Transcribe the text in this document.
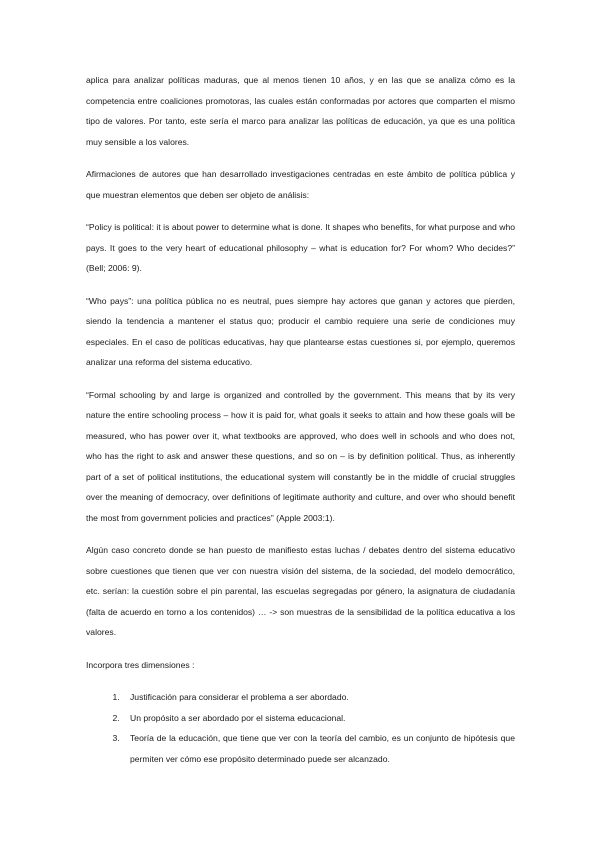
aplica para analizar políticas maduras, que al menos tienen 10 años, y en las que se analiza cómo es la competencia entre coaliciones promotoras, las cuales están conformadas por actores que comparten el mismo tipo de valores. Por tanto, este sería el marco para analizar las políticas de educación, ya que es una política muy sensible a los valores.

Afirmaciones de autores que han desarrollado investigaciones centradas en este ámbito de política pública y que muestran elementos que deben ser objeto de análisis:

“Policy is political: it is about power to determine what is done. It shapes who benefits, for what purpose and who pays. It goes to the very heart of educational philosophy – what is education for? For whom? Who decides?” (Bell; 2006: 9).

“Who pays”: una política pública no es neutral, pues siempre hay actores que ganan y actores que pierden, siendo la tendencia a mantener el status quo; producir el cambio requiere una serie de condiciones muy especiales. En el caso de políticas educativas, hay que plantearse estas cuestiones si, por ejemplo, queremos analizar una reforma del sistema educativo.

“Formal schooling by and large is organized and controlled by the government. This means that by its very nature the entire schooling process – how it is paid for, what goals it seeks to attain and how these goals will be measured, who has power over it, what textbooks are approved, who does well in schools and who does not, who has the right to ask and answer these questions, and so on – is by definition political. Thus, as inherently part of a set of political institutions, the educational system will constantly be in the middle of crucial struggles over the meaning of democracy, over definitions of legitimate authority and culture, and over who should benefit the most from government policies and practices” (Apple 2003:1).

Algún caso concreto donde se han puesto de manifiesto estas luchas / debates dentro del sistema educativo sobre cuestiones que tienen que ver con nuestra visión del sistema, de la sociedad, del modelo democrático, etc. serían: la cuestión sobre el pin parental, las escuelas segregadas por género, la asignatura de ciudadanía (falta de acuerdo en torno a los contenidos) … -> son muestras de la sensibilidad de la política educativa a los valores.

Incorpora tres dimensiones :

1. Justificación para considerar el problema a ser abordado.
2. Un propósito a ser abordado por el sistema educacional.
3. Teoría de la educación, que tiene que ver con la teoría del cambio, es un conjunto de hipótesis que permiten ver cómo ese propósito determinado puede ser alcanzado.
